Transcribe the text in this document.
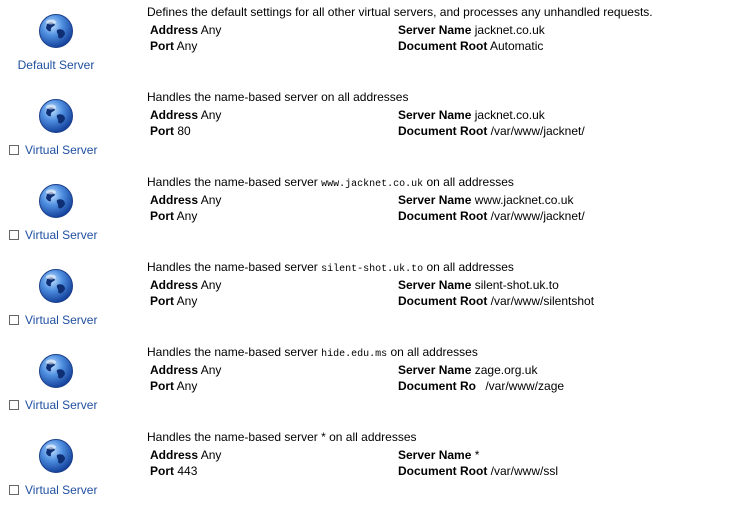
Default Server
Defines the default settings for all other virtual servers, and processes any unhandled requests.
Address Any
Port Any
Server Name jacknet.co.uk
Document Root Automatic
Virtual Server
Handles the name-based server on all addresses
Address Any
Port 80
Server Name jacknet.co.uk
Document Root /var/www/jacknet/
Virtual Server
Handles the name-based server www.jacknet.co.uk on all addresses
Address Any
Port Any
Server Name www.jacknet.co.uk
Document Root /var/www/jacknet/
Virtual Server
Handles the name-based server silent-shot.uk.to on all addresses
Address Any
Port Any
Server Name silent-shot.uk.to
Document Root /var/www/silentshot
Virtual Server
Handles the name-based server hide.edu.ms on all addresses
Address Any
Port Any
Server Name zage.org.uk
Document Ro /var/www/zage
Virtual Server
Handles the name-based server * on all addresses
Address Any
Port 443
Server Name *
Document Root /var/www/ssl
